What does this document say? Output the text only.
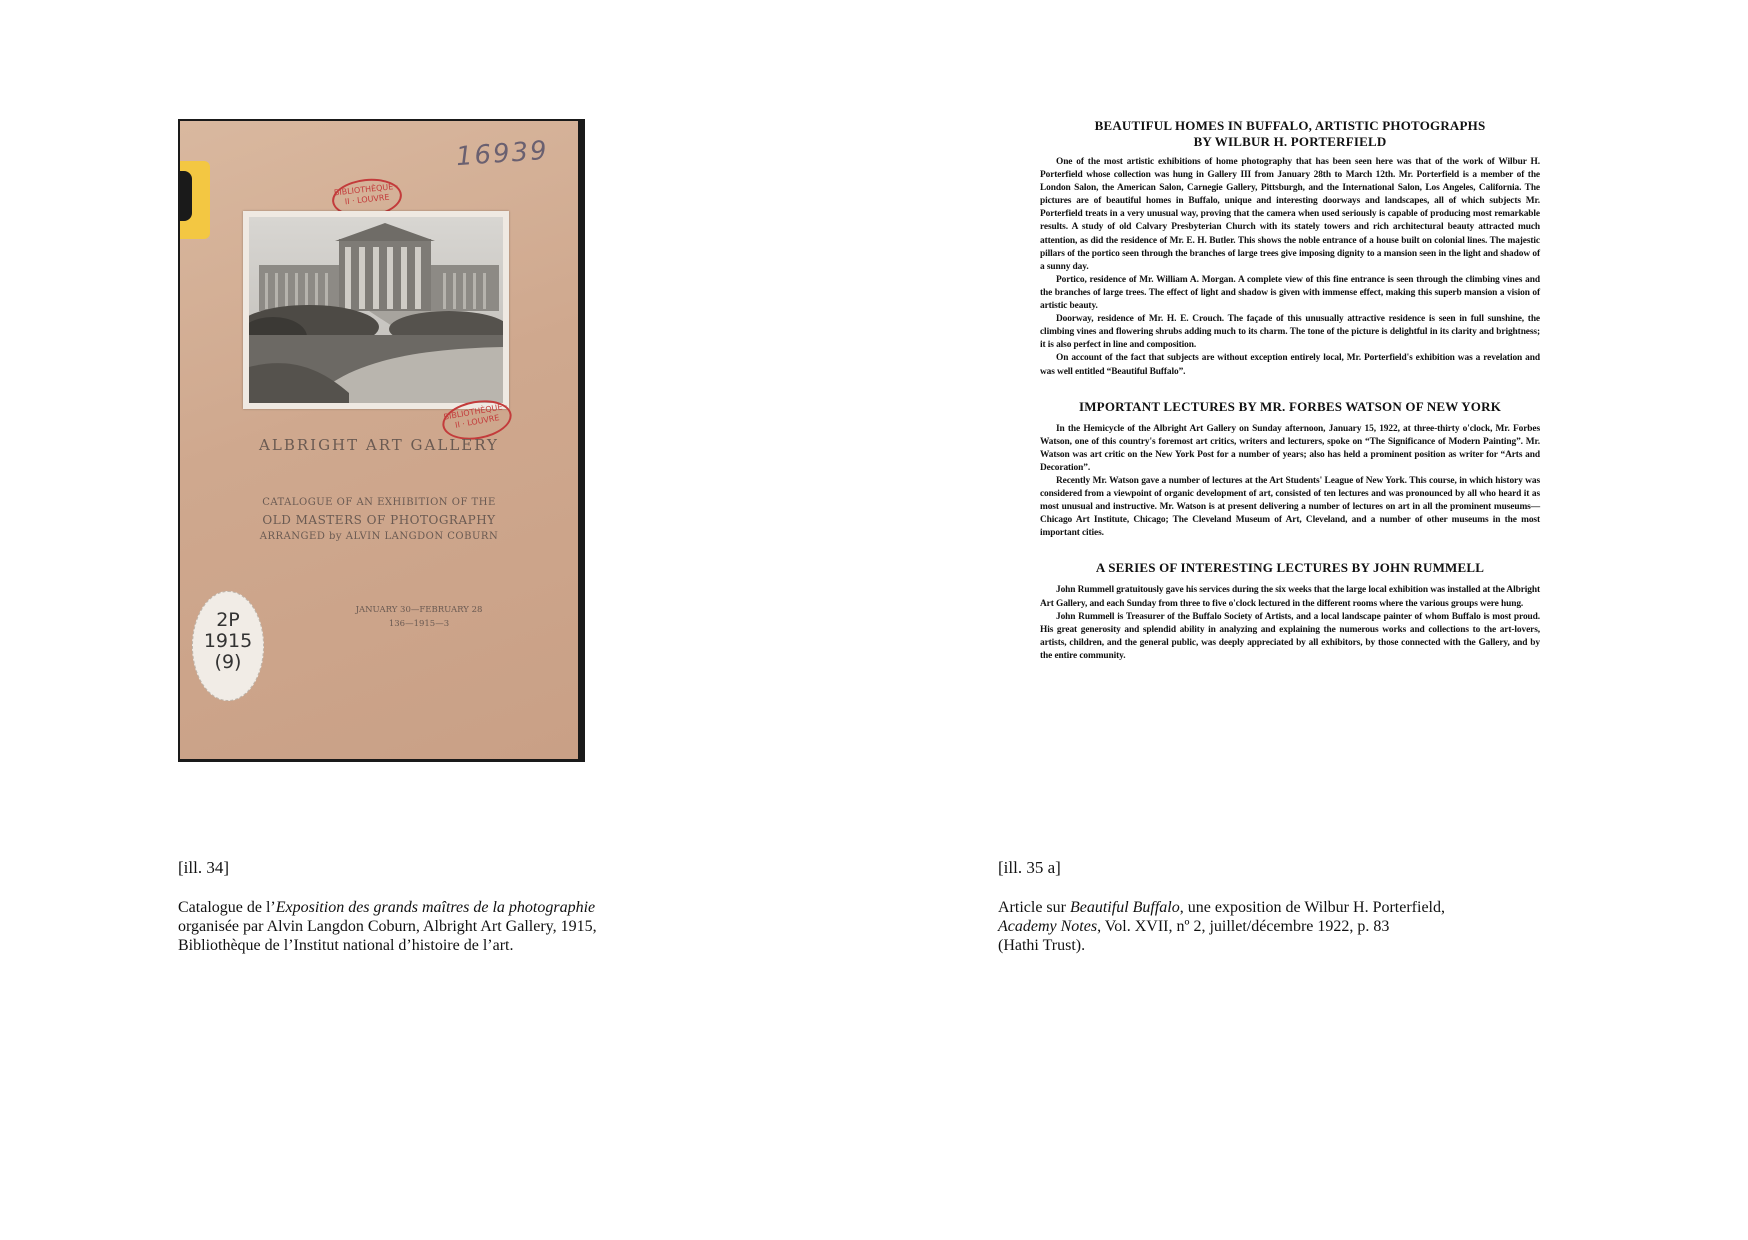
16939
BIBLIOTHÈQUE · II · LOUVRE
BIBLIOTHÈQUE · II · LOUVRE
ALBRIGHT ART GALLERY
CATALOGUE OF AN EXHIBITION OF THE
OLD MASTERS OF PHOTOGRAPHY
ARRANGED by ALVIN LANGDON COBURN
JANUARY 30—FEBRUARY 28
136—1915—3
2P
1915
(9)
BEAUTIFUL HOMES IN BUFFALO, ARTISTIC PHOTOGRAPHS
BY WILBUR H. PORTERFIELD

One of the most artistic exhibitions of home photography that has been seen here was that of the work of Wilbur H. Porterfield whose collection was hung in Gallery III from January 28th to March 12th. Mr. Porterfield is a member of the London Salon, the American Salon, Carnegie Gallery, Pittsburgh, and the International Salon, Los Angeles, California. The pictures are of beautiful homes in Buffalo, unique and interesting doorways and landscapes, all of which subjects Mr. Porterfield treats in a very unusual way, proving that the camera when used seriously is capable of producing most remarkable results. A study of old Calvary Presbyterian Church with its stately towers and rich architectural beauty attracted much attention, as did the residence of Mr. E. H. Butler. This shows the noble entrance of a house built on colonial lines. The majestic pillars of the portico seen through the branches of large trees give imposing dignity to a mansion seen in the light and shadow of a sunny day.

Portico, residence of Mr. William A. Morgan. A complete view of this fine entrance is seen through the climbing vines and the branches of large trees. The effect of light and shadow is given with immense effect, making this superb mansion a vision of artistic beauty.

Doorway, residence of Mr. H. E. Crouch. The façade of this unusually attractive residence is seen in full sunshine, the climbing vines and flowering shrubs adding much to its charm. The tone of the picture is delightful in its clarity and brightness; it is also perfect in line and composition.

On account of the fact that subjects are without exception entirely local, Mr. Porterfield's exhibition was a revelation and was well entitled “Beautiful Buffalo”.

IMPORTANT LECTURES BY MR. FORBES WATSON OF NEW YORK

In the Hemicycle of the Albright Art Gallery on Sunday afternoon, January 15, 1922, at three-thirty o'clock, Mr. Forbes Watson, one of this country's foremost art critics, writers and lecturers, spoke on “The Significance of Modern Painting”. Mr. Watson was art critic on the New York Post for a number of years; also has held a prominent position as writer for “Arts and Decoration”.

Recently Mr. Watson gave a number of lectures at the Art Students' League of New York. This course, in which history was considered from a viewpoint of organic development of art, consisted of ten lectures and was pronounced by all who heard it as most unusual and instructive. Mr. Watson is at present delivering a number of lectures on art in all the prominent museums—Chicago Art Institute, Chicago; The Cleveland Museum of Art, Cleveland, and a number of other museums in the most important cities.

A SERIES OF INTERESTING LECTURES BY JOHN RUMMELL

John Rummell gratuitously gave his services during the six weeks that the large local exhibition was installed at the Albright Art Gallery, and each Sunday from three to five o'clock lectured in the different rooms where the various groups were hung.

John Rummell is Treasurer of the Buffalo Society of Artists, and a local landscape painter of whom Buffalo is most proud. His great generosity and splendid ability in analyzing and explaining the numerous works and collections to the art-lovers, artists, children, and the general public, was deeply appreciated by all exhibitors, by those connected with the Gallery, and by the entire community.

[ill. 34]
Catalogue de l’Exposition des grands maîtres de la photographie
organisée par Alvin Langdon Coburn, Albright Art Gallery, 1915,
Bibliothèque de l’Institut national d’histoire de l’art.
[ill. 35 a]
Article sur Beautiful Buffalo, une exposition de Wilbur H. Porterfield,
Academy Notes, Vol. XVII, nº 2, juillet/décembre 1922, p. 83
(Hathi Trust).
